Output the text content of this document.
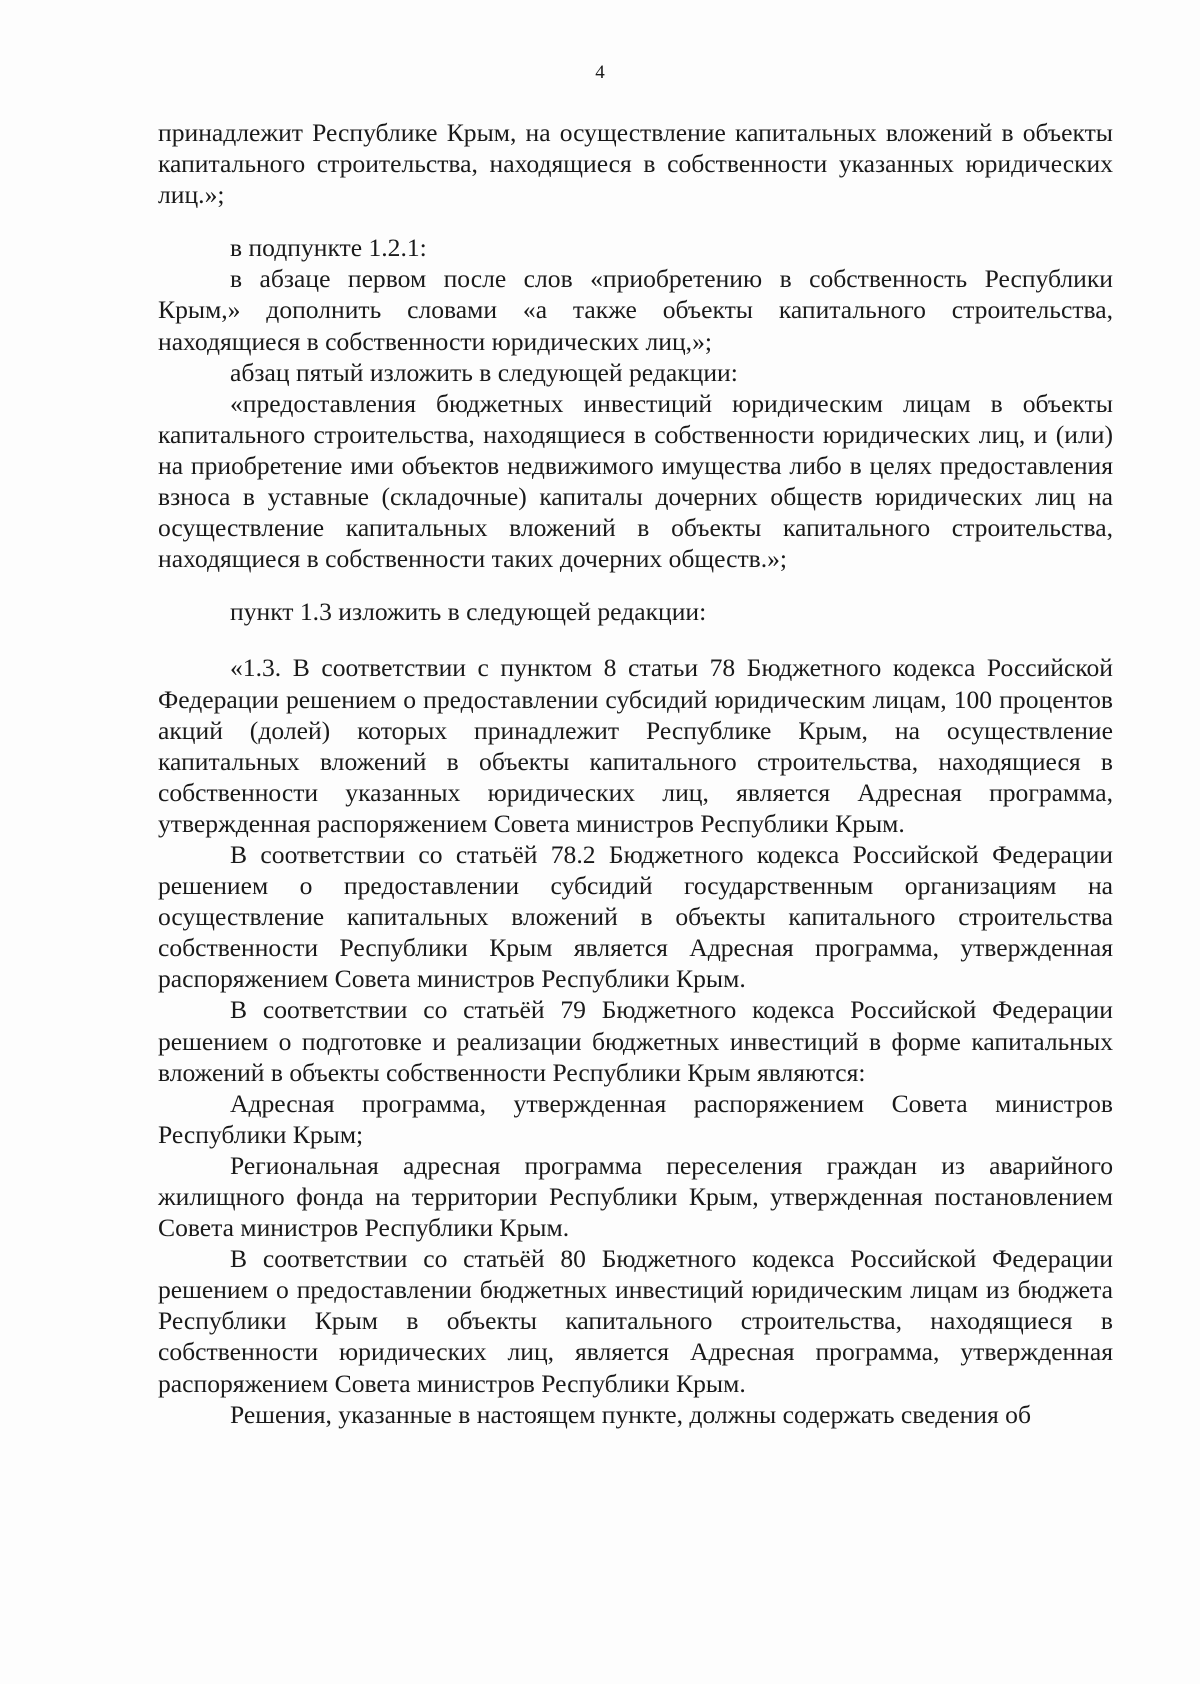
4

принадлежит Республике Крым, на осуществление капитальных вложений в объекты капитального строительства, находящиеся в собственности указанных юридических лиц.»;

в подпункте 1.2.1:

в абзаце первом после слов «приобретению в собственность Республики Крым,» дополнить словами «а также объекты капитального строительства, находящиеся в собственности юридических лиц,»;

абзац пятый изложить в следующей редакции:

«предоставления бюджетных инвестиций юридическим лицам в объекты капитального строительства, находящиеся в собственности юридических лиц, и (или) на приобретение ими объектов недвижимого имущества либо в целях предоставления взноса в уставные (складочные) капиталы дочерних обществ юридических лиц на осуществление капитальных вложений в объекты капитального строительства, находящиеся в собственности таких дочерних обществ.»;

пункт 1.3 изложить в следующей редакции:

«1.3. В соответствии с пунктом 8 статьи 78 Бюджетного кодекса Российской Федерации решением о предоставлении субсидий юридическим лицам, 100 процентов акций (долей) которых принадлежит Республике Крым, на осуществление капитальных вложений в объекты капитального строительства, находящиеся в собственности указанных юридических лиц, является Адресная программа, утвержденная распоряжением Совета министров Республики Крым.

В соответствии со статьёй 78.2 Бюджетного кодекса Российской Федерации решением о предоставлении субсидий государственным организациям на осуществление капитальных вложений в объекты капитального строительства собственности Республики Крым является Адресная программа, утвержденная распоряжением Совета министров Республики Крым.

В соответствии со статьёй 79 Бюджетного кодекса Российской Федерации решением о подготовке и реализации бюджетных инвестиций в форме капитальных вложений в объекты собственности Республики Крым являются:

Адресная программа, утвержденная распоряжением Совета министров Республики Крым;

Региональная адресная программа переселения граждан из аварийного жилищного фонда на территории Республики Крым, утвержденная постановлением Совета министров Республики Крым.

В соответствии со статьёй 80 Бюджетного кодекса Российской Федерации решением о предоставлении бюджетных инвестиций юридическим лицам из бюджета Республики Крым в объекты капитального строительства, находящиеся в собственности юридических лиц, является Адресная программа, утвержденная распоряжением Совета министров Республики Крым.

Решения, указанные в настоящем пункте, должны содержать сведения об
